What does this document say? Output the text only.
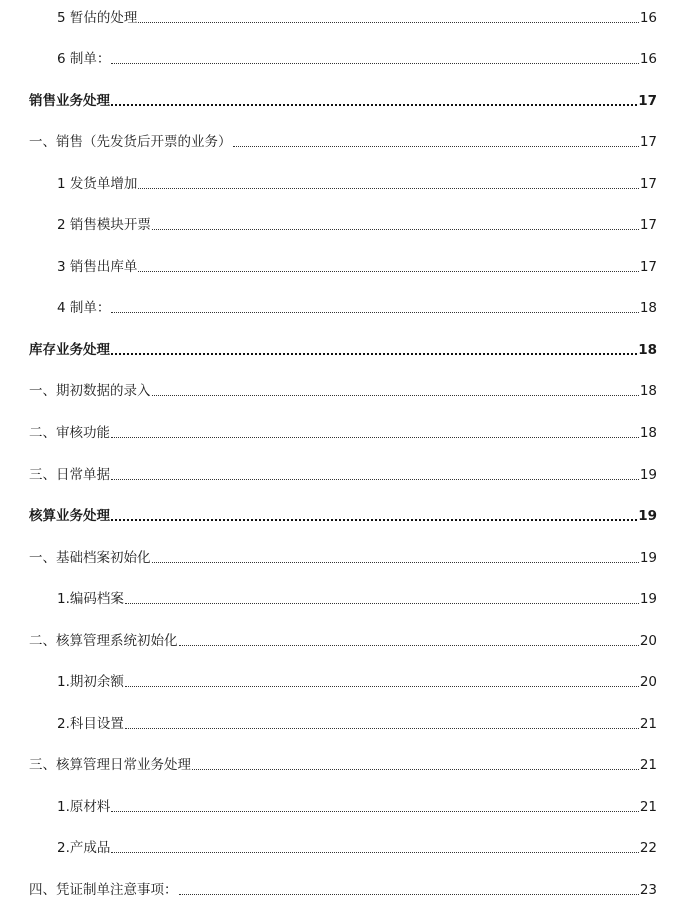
5 暂估的处理	16
6 制单：	16
销售业务处理	17
一、销售（先发货后开票的业务）	17
1 发货单增加	17
2 销售模块开票	17
3 销售出库单	17
4 制单：	18
库存业务处理	18
一、期初数据的录入	18
二、审核功能	18
三、日常单据	19
核算业务处理	19
一、基础档案初始化	19
1.编码档案	19
二、核算管理系统初始化	20
1.期初余额	20
2.科目设置	21
三、核算管理日常业务处理	21
1.原材料	21
2.产成品	22
四、凭证制单注意事项：	23
